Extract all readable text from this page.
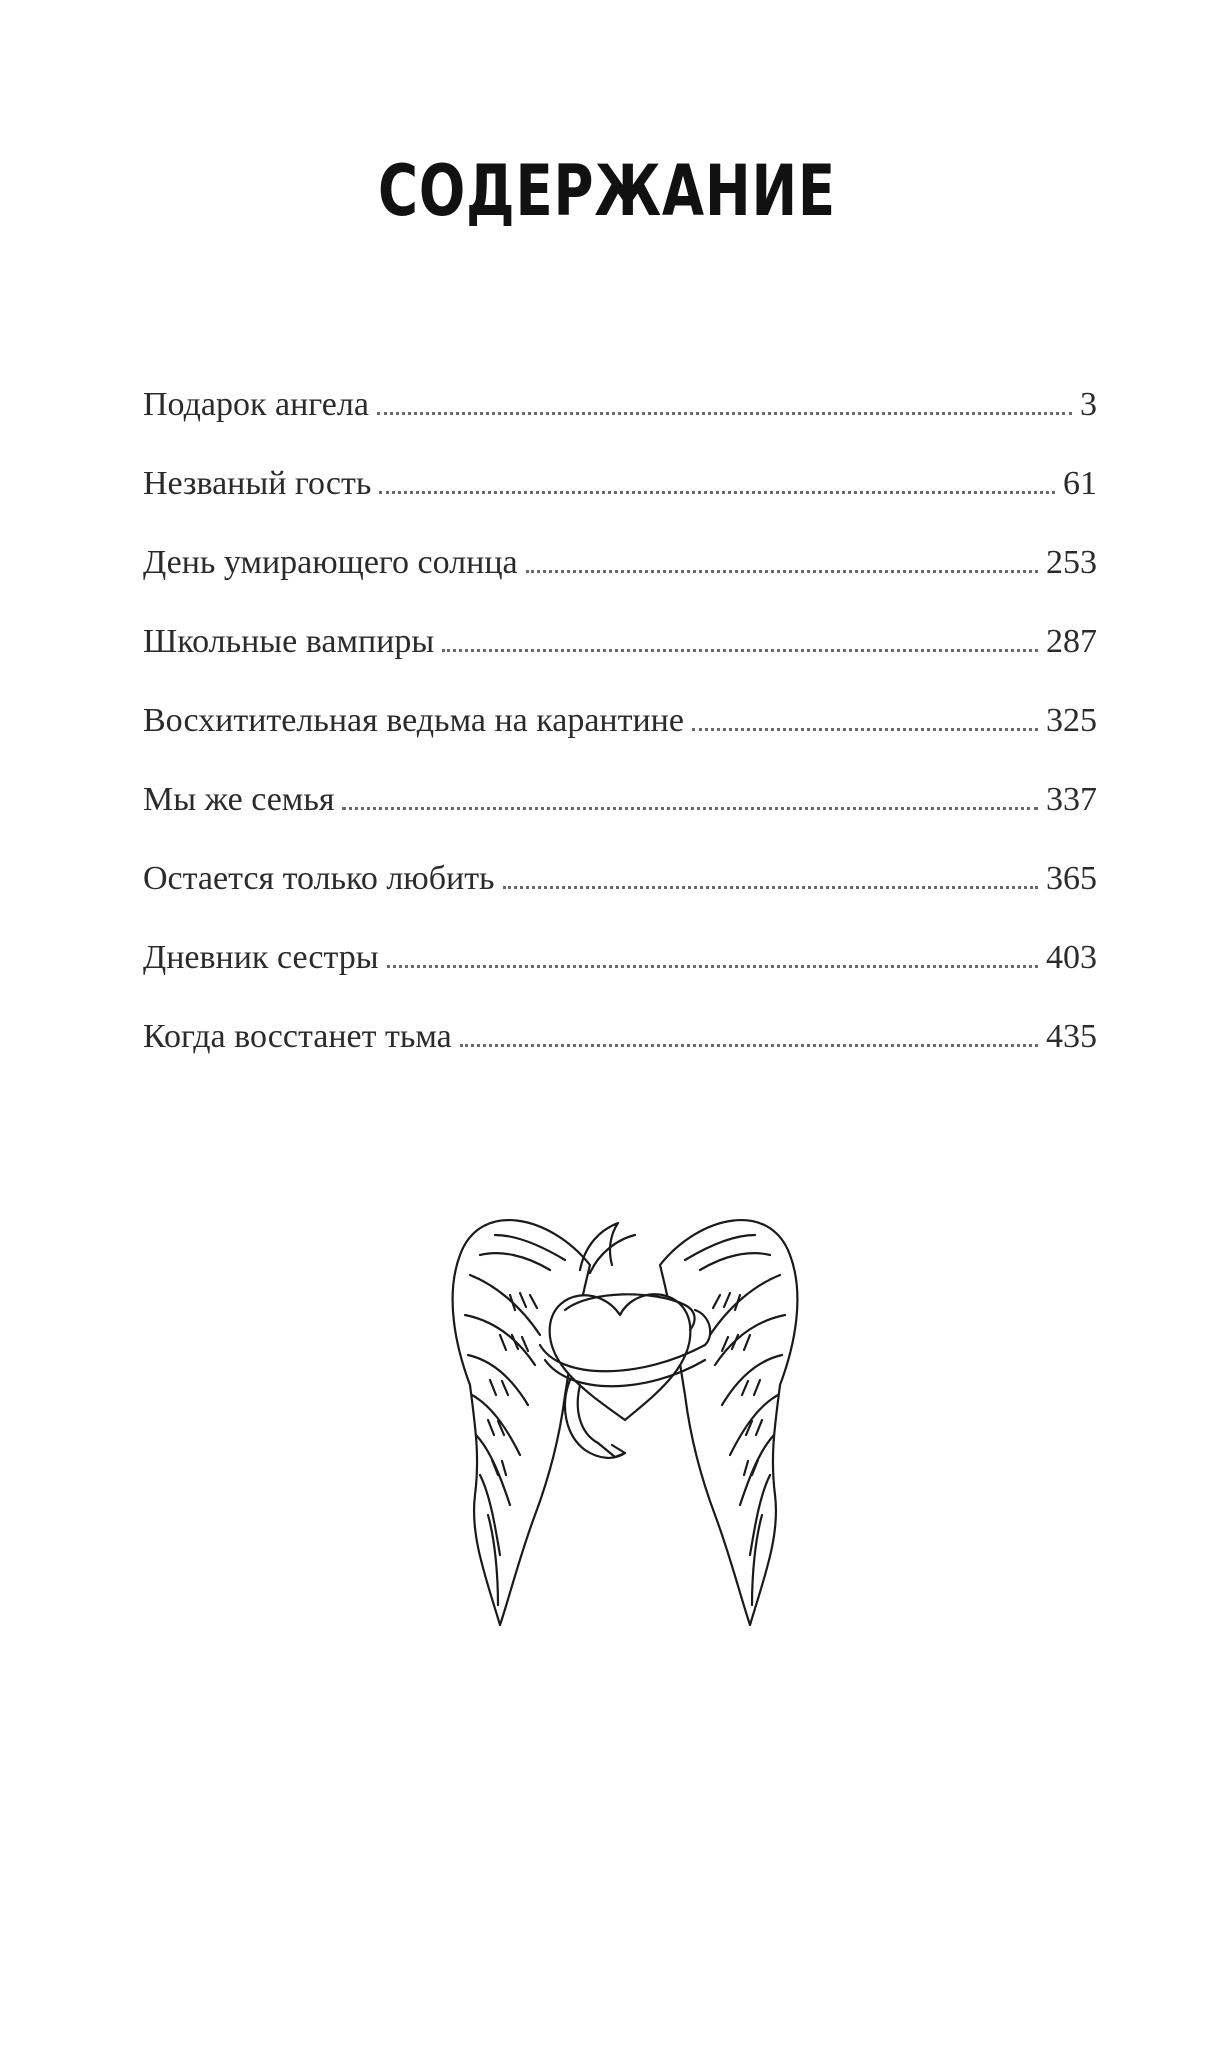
СОДЕРЖАНИЕ
Подарок ангела	3
Незваный гость	61
День умирающего солнца	253
Школьные вампиры	287
Восхитительная ведьма на карантине	325
Мы же семья	337
Остается только любить	365
Дневник сестры	403
Когда восстанет тьма	435
